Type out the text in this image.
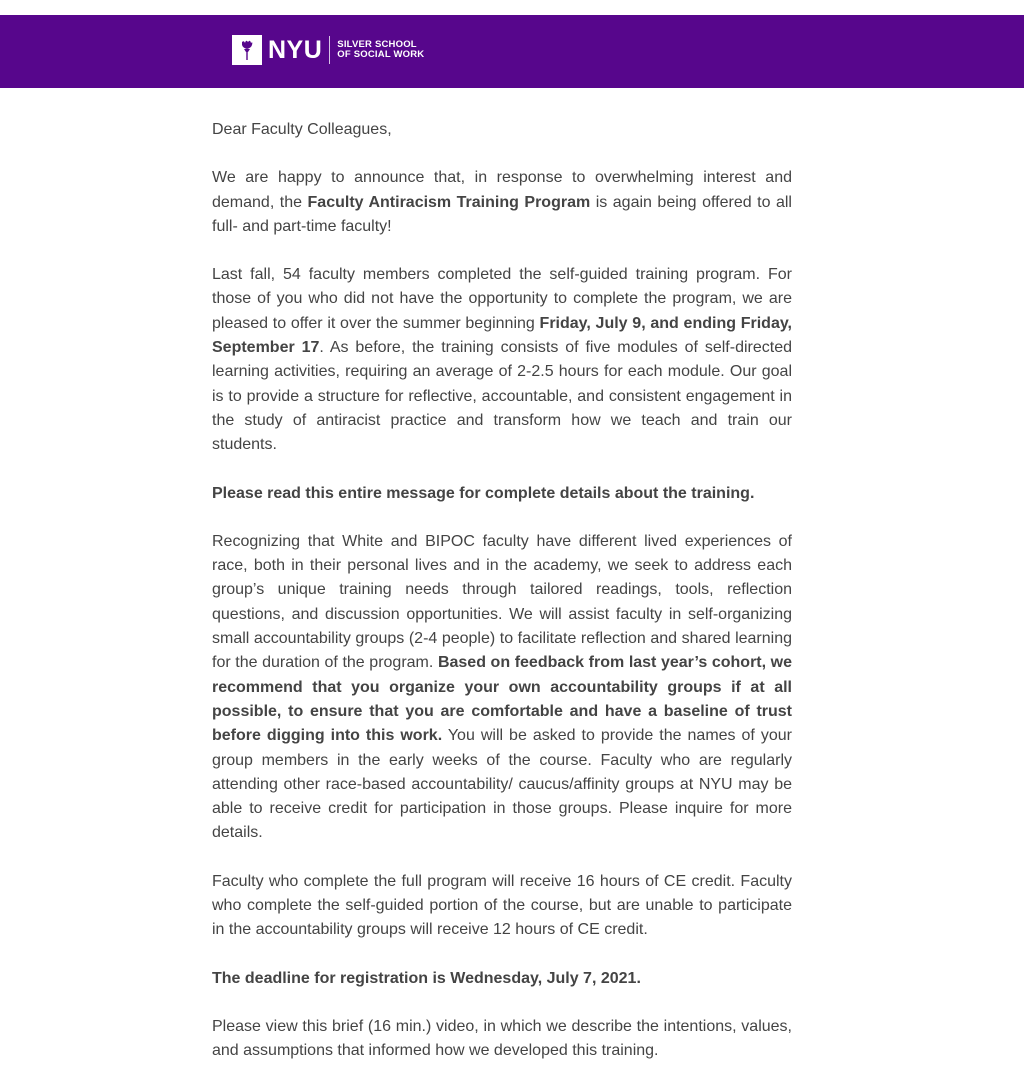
NYU SILVER SCHOOL
OF SOCIAL WORK

Dear Faculty Colleagues,

We are happy to announce that, in response to overwhelming interest and demand, the Faculty Antiracism Training Program is again being offered to all full- and part-time faculty!

Last fall, 54 faculty members completed the self-guided training program. For those of you who did not have the opportunity to complete the program, we are pleased to offer it over the summer beginning Friday, July 9, and ending Friday, September 17. As before, the training consists of five modules of self-directed learning activities, requiring an average of 2-2.5 hours for each module. Our goal is to provide a structure for reflective, accountable, and consistent engagement in the study of antiracist practice and transform how we teach and train our students.

Please read this entire message for complete details about the training.

Recognizing that White and BIPOC faculty have different lived experiences of race, both in their personal lives and in the academy, we seek to address each group’s unique training needs through tailored readings, tools, reflection questions, and discussion opportunities. We will assist faculty in self-organizing small accountability groups (2-4 people) to facilitate reflection and shared learning for the duration of the program. Based on feedback from last year’s cohort, we recommend that you organize your own accountability groups if at all possible, to ensure that you are comfortable and have a baseline of trust before digging into this work. You will be asked to provide the names of your group members in the early weeks of the course. Faculty who are regularly attending other race-based accountability/ caucus/affinity groups at NYU may be able to receive credit for participation in those groups. Please inquire for more details.

Faculty who complete the full program will receive 16 hours of CE credit. Faculty who complete the self-guided portion of the course, but are unable to participate in the accountability groups will receive 12 hours of CE credit.

The deadline for registration is Wednesday, July 7, 2021.

Please view this brief (16 min.) video, in which we describe the intentions, values, and assumptions that informed how we developed this training.
